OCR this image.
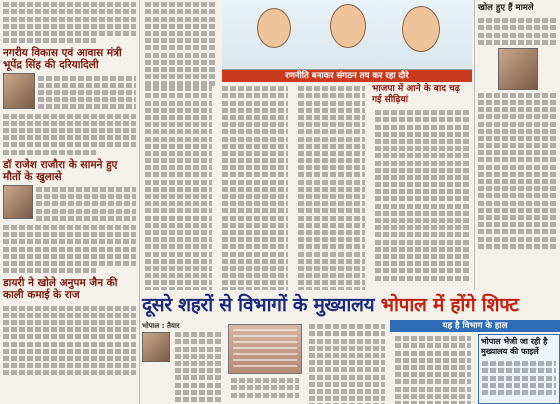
नगरीय विकास एवं आवास मंत्री भूपेंद्र सिंह की दरियादिली
डॉ राजेश राजौरा के सामने हुए मौतों के खुलासे
डायरी ने खोले अनुपम जैन की काली कमाई के राज
रणनीति बनाकर संगठन तय कर रहा दौरे
भाजपा में आने के बाद चढ़ गई सीढ़ियां
खोल हुए हैं मामले
दूसरे शहरों से विभागों के मुख्यालय भोपाल में होंगे शिफ्ट
यह है विभाग के हाल
भोपाल : तैयार
भोपाल भेजी जा रही है मुख्यालय की फाइलें
